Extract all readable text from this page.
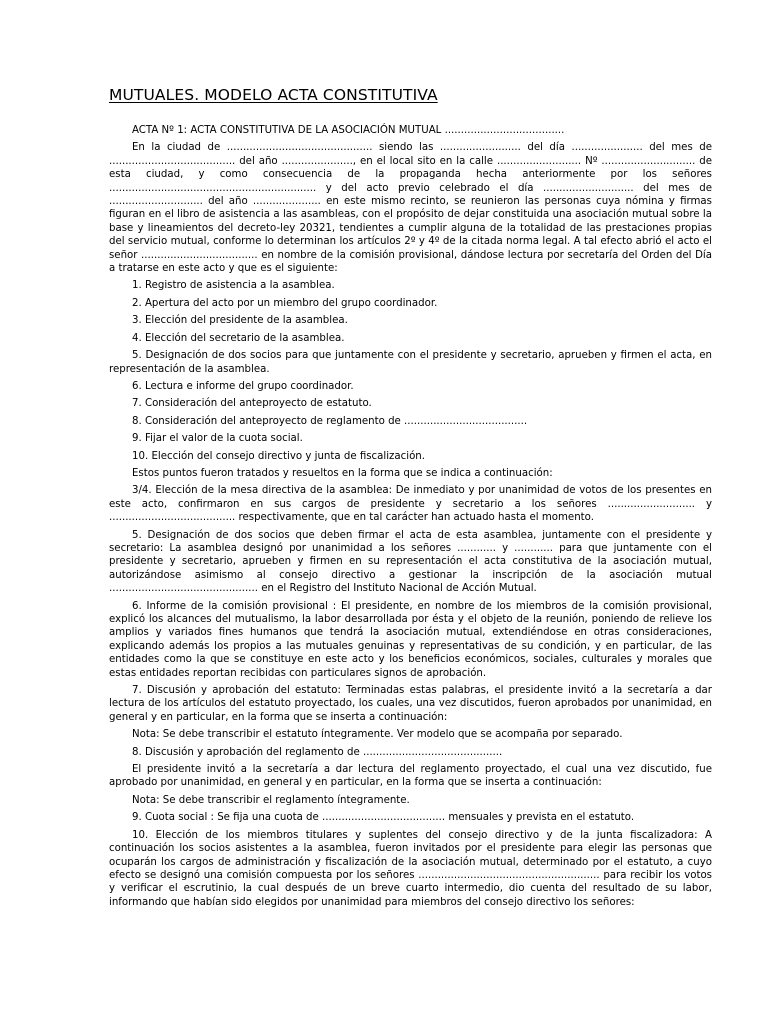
MUTUALES. MODELO ACTA CONSTITUTIVA

ACTA Nº 1: ACTA CONSTITUTIVA DE LA ASOCIACIÓN MUTUAL .....................................

En la ciudad de ............................................. siendo las ......................... del día ...................... del mes de ....................................... del año ......................, en el local sito en la calle .......................... Nº ............................. de esta ciudad, y como consecuencia de la propaganda hecha anteriormente por los señores ................................................................ y del acto previo celebrado el día ............................ del mes de ............................. del año ..................... en este mismo recinto, se reunieron las personas cuya nómina y firmas figuran en el libro de asistencia a las asambleas, con el propósito de dejar constituida una asociación mutual sobre la base y lineamientos del decreto-ley 20321, tendientes a cumplir alguna de la totalidad de las prestaciones propias del servicio mutual, conforme lo determinan los artículos 2º y 4º de la citada norma legal. A tal efecto abrió el acto el señor .................................... en nombre de la comisión provisional, dándose lectura por secretaría del Orden del Día a tratarse en este acto y que es el siguiente:

1. Registro de asistencia a la asamblea.

2. Apertura del acto por un miembro del grupo coordinador.

3. Elección del presidente de la asamblea.

4. Elección del secretario de la asamblea.

5. Designación de dos socios para que juntamente con el presidente y secretario, aprueben y firmen el acta, en representación de la asamblea.

6. Lectura e informe del grupo coordinador.

7. Consideración del anteproyecto de estatuto.

8. Consideración del anteproyecto de reglamento de ......................................

9. Fijar el valor de la cuota social.

10. Elección del consejo directivo y junta de fiscalización.

Estos puntos fueron tratados y resueltos en la forma que se indica a continuación:

3/4. Elección de la mesa directiva de la asamblea: De inmediato y por unanimidad de votos de los presentes en este acto, confirmaron en sus cargos de presidente y secretario a los señores ........................... y ....................................... respectivamente, que en tal carácter han actuado hasta el momento.

5. Designación de dos socios que deben firmar el acta de esta asamblea, juntamente con el presidente y secretario: La asamblea designó por unanimidad a los señores ............ y ............ para que juntamente con el presidente y secretario, aprueben y firmen en su representación el acta constitutiva de la asociación mutual, autorizándose asimismo al consejo directivo a gestionar la inscripción de la asociación mutual .............................................. en el Registro del Instituto Nacional de Acción Mutual.

6. Informe de la comisión provisional : El presidente, en nombre de los miembros de la comisión provisional, explicó los alcances del mutualismo, la labor desarrollada por ésta y el objeto de la reunión, poniendo de relieve los amplios y variados fines humanos que tendrá la asociación mutual, extendiéndose en otras consideraciones, explicando además los propios a las mutuales genuinas y representativas de su condición, y en particular, de las entidades como la que se constituye en este acto y los beneficios económicos, sociales, culturales y morales que estas entidades reportan recibidas con particulares signos de aprobación.

7. Discusión y aprobación del estatuto: Terminadas estas palabras, el presidente invitó a la secretaría a dar lectura de los artículos del estatuto proyectado, los cuales, una vez discutidos, fueron aprobados por unanimidad, en general y en particular, en la forma que se inserta a continuación:

Nota: Se debe transcribir el estatuto íntegramente. Ver modelo que se acompaña por separado.

8. Discusión y aprobación del reglamento de ...........................................

El presidente invitó a la secretaría a dar lectura del reglamento proyectado, el cual una vez discutido, fue aprobado por unanimidad, en general y en particular, en la forma que se inserta a continuación:

Nota: Se debe transcribir el reglamento íntegramente.

9. Cuota social : Se fija una cuota de ...................................... mensuales y prevista en el estatuto.

10. Elección de los miembros titulares y suplentes del consejo directivo y de la junta fiscalizadora: A continuación los socios asistentes a la asamblea, fueron invitados por el presidente para elegir las personas que ocuparán los cargos de administración y fiscalización de la asociación mutual, determinado por el estatuto, a cuyo efecto se designó una comisión compuesta por los señores ........................................................ para recibir los votos y verificar el escrutinio, la cual después de un breve cuarto intermedio, dio cuenta del resultado de su labor, informando que habían sido elegidos por unanimidad para miembros del consejo directivo los señores:
